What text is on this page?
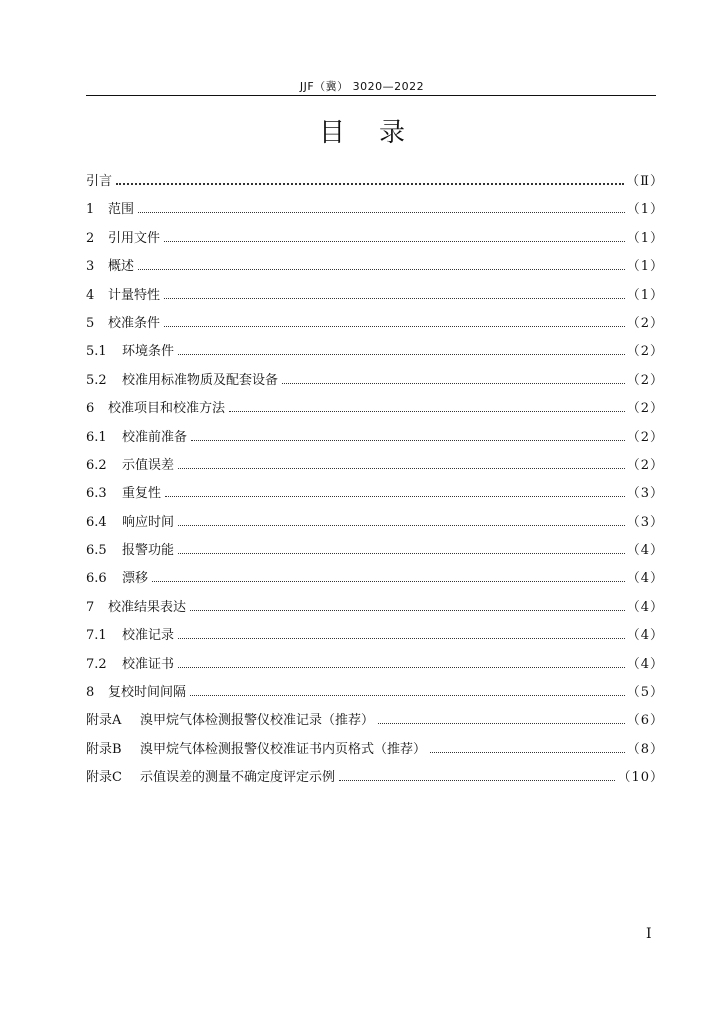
JJF（冀） 3020—2022
目录
引言	（Ⅱ）
1	范围	（1）
2	引用文件	（1）
3	概述	（1）
4	计量特性	（1）
5	校准条件	（2）
5.1	环境条件	（2）
5.2	校准用标准物质及配套设备	（2）
6	校准项目和校准方法	（2）
6.1	校准前准备	（2）
6.2	示值误差	（2）
6.3	重复性	（3）
6.4	响应时间	（3）
6.5	报警功能	（4）
6.6	漂移	（4）
7	校准结果表达	（4）
7.1	校准记录	（4）
7.2	校准证书	（4）
8	复校时间间隔	（5）
附录A	溴甲烷气体检测报警仪校准记录（推荐）	（6）
附录B	溴甲烷气体检测报警仪校准证书内页格式（推荐）	（8）
附录C	示值误差的测量不确定度评定示例	（10）
Ⅰ
